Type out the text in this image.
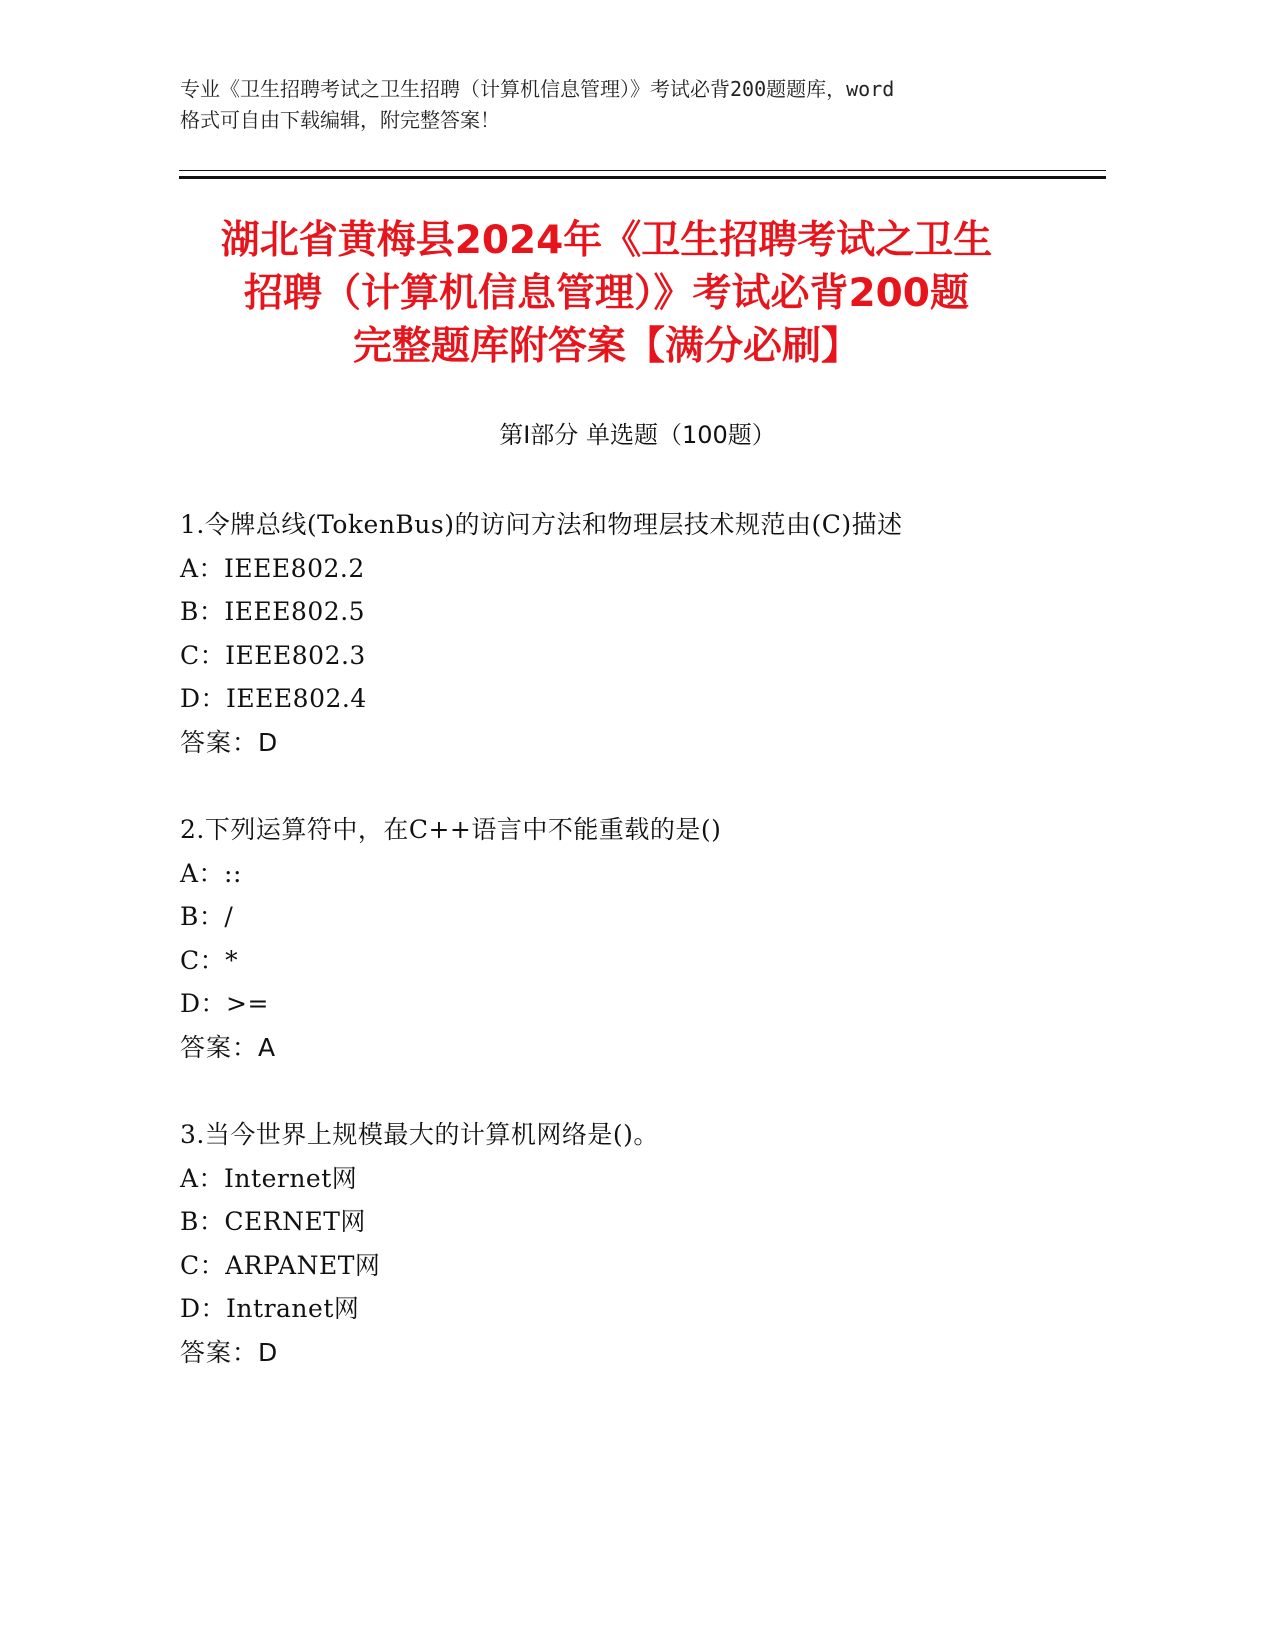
专业《卫生招聘考试之卫生招聘（计算机信息管理）》考试必背200题题库，word
格式可自由下载编辑，附完整答案！
湖北省黄梅县2024年《卫生招聘考试之卫生
招聘（计算机信息管理）》考试必背200题
完整题库附答案【满分必刷】
第Ⅰ部分 单选题（100题）
1.令牌总线(TokenBus)的访问方法和物理层技术规范由(C)描述
A：IEEE802.2
B：IEEE802.5
C：IEEE802.3
D：IEEE802.4
答案：D
2.下列运算符中，在C++语言中不能重载的是()
A：::
B：/
C：*
D：>=
答案：A
3.当今世界上规模最大的计算机网络是()。
A：Internet网
B：CERNET网
C：ARPANET网
D：Intranet网
答案：D
